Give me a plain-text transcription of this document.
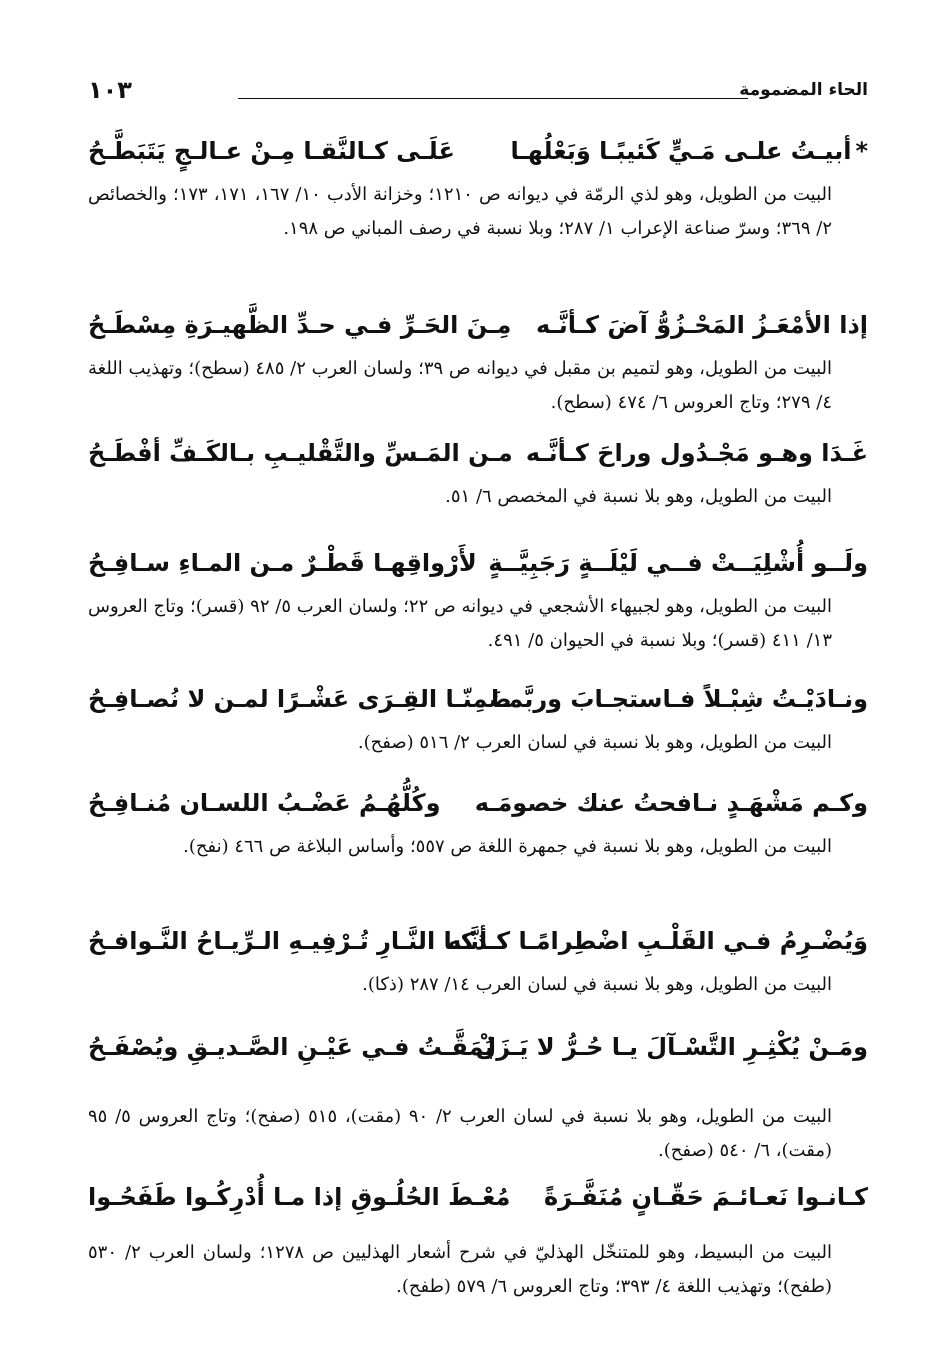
الحاء المضمومة
١٠٣
*أبيـتُ علـى مَـيٍّ كَئيبًـا وَبَعْلُهـا
عَلَـى كـالنَّقـا مِـنْ عـالـجٍ يَتَبَطَّـحُ
البيت من الطويل، وهو لذي الرمّة في ديوانه ص ١٢١٠؛ وخزانة الأدب ١٠/ ١٦٧، ١٧١، ١٧٣؛ والخصائص ٢/ ٣٦٩؛ وسرّ صناعة الإعراب ١/ ٢٨٧؛ وبلا نسبة في رصف المباني ص ١٩٨.
إذا الأمْعَـزُ المَحْـزُوُّ آضَ كـأنَّـه
مِـنَ الحَـرِّ فـي حـدِّ الظَّهيـرَةِ مِسْطَـحُ
البيت من الطويل، وهو لتميم بن مقبل في ديوانه ص ٣٩؛ ولسان العرب ٢/ ٤٨٥ (سطح)؛ وتهذيب اللغة ٤/ ٢٧٩؛ وتاج العروس ٦/ ٤٧٤ (سطح).
غَـدَا وهـو مَجْـدُول وراحَ كـأنَّـه
مـن المَـسِّ والتَّقْليـبِ بـالكَـفِّ أفْطَـحُ
البيت من الطويل، وهو بلا نسبة في المخصص ٦/ ٥١.
ولَــو أُشْلِيَــتْ فــي لَيْلَــةٍ رَجَبِيَّــةٍ
لأَرْواقِهـا قَطْـرٌ مـن المـاءِ سـافِـحُ
البيت من الطويل، وهو لجبيهاء الأشجعي في ديوانه ص ٢٢؛ ولسان العرب ٥/ ٩٢ (قسر)؛ وتاج العروس ١٣/ ٤١١ (قسر)؛ وبلا نسبة في الحيوان ٥/ ٤٩١.
ونـادَيْـتُ شِبْـلاً فـاستجـابَ وربَّمـا
ضَمِنّـا القِـرَى عَشْـرًا لمـن لا نُصـافِـحُ
البيت من الطويل، وهو بلا نسبة في لسان العرب ٢/ ٥١٦ (صفح).
وكـم مَشْهَـدٍ نـافحتُ عنك خصومَـه
وكُلُّهُـمُ عَضْـبُ اللسـان مُنـافِـحُ
البيت من الطويل، وهو بلا نسبة في جمهرة اللغة ص ٥٥٧؛ وأساس البلاغة ص ٤٦٦ (نفح).
وَيُضْـرِمُ فـي القَلْـبِ اضْطِرامًـا كـأنَّـه
ذكـا النَّـارِ تُـرْفِيـهِ الـرِّيـاحُ النَّـوافـحُ
البيت من الطويل، وهو بلا نسبة في لسان العرب ١٤/ ٢٨٧ (ذكا).
ومَـنْ يُكْثِـرِ التَّسْـآلَ يـا حُـرُّ لا يَـزَلْ
يُمَقَّـتُ فـي عَيْـنِ الصَّـديـقِ ويُصْفَـحُ
البيت من الطويل، وهو بلا نسبة في لسان العرب ٢/ ٩٠ (مقت)، ٥١٥ (صفح)؛ وتاج العروس ٥/ ٩٥ (مقت)، ٦/ ٥٤٠ (صفح).
كـانـوا نَعـائـمَ حَقّـانٍ مُنَفَّـرَةً
مُعْـطَ الحُلُـوقِ إذا مـا أُدْرِكُـوا طَفَحُـوا
البيت من البسيط، وهو للمتنخّل الهذليّ في شرح أشعار الهذليين ص ١٢٧٨؛ ولسان العرب ٢/ ٥٣٠ (طفح)؛ وتهذيب اللغة ٤/ ٣٩٣؛ وتاج العروس ٦/ ٥٧٩ (طفح).
